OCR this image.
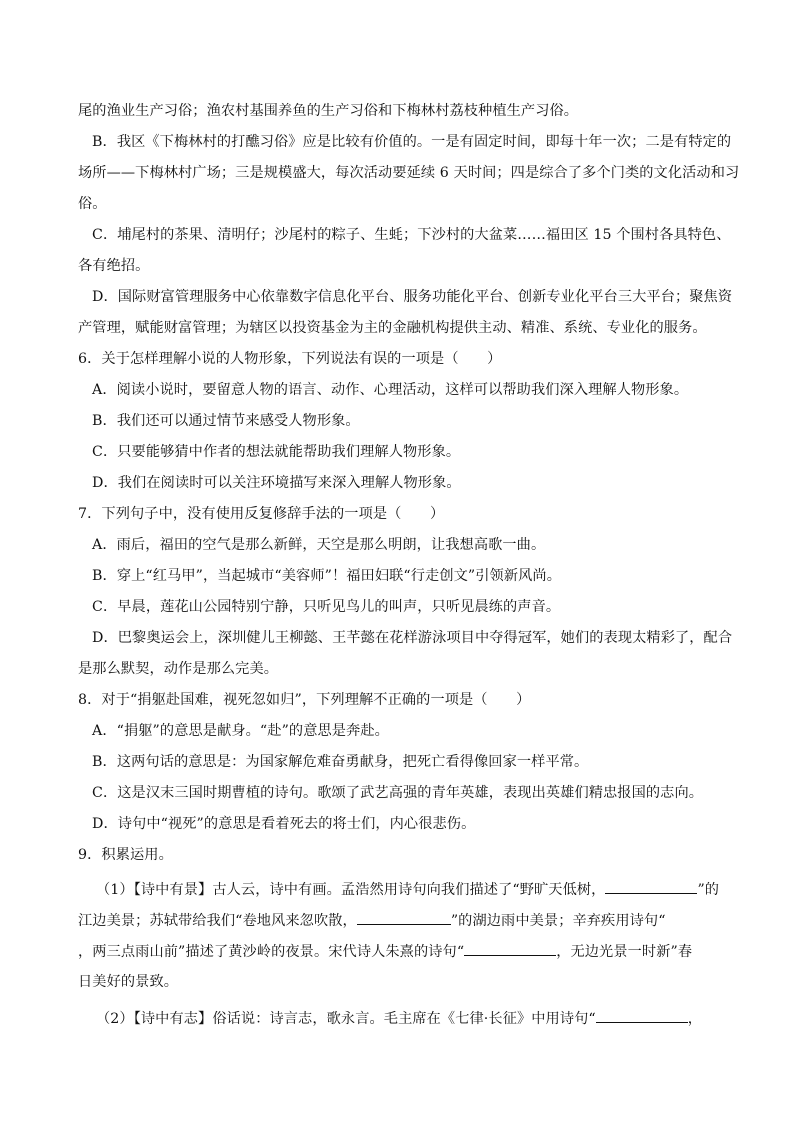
尾的渔业生产习俗；渔农村基围养鱼的生产习俗和下梅林村荔枝种植生产习俗。
B．我区《下梅林村的打醮习俗》应是比较有价值的。一是有固定时间，即每十年一次；二是有特定的
场所——下梅林村广场；三是规模盛大，每次活动要延续 6 天时间；四是综合了多个门类的文化活动和习
俗。
C．埔尾村的茶果、清明仔；沙尾村的粽子、生蚝；下沙村的大盆菜……福田区 15 个围村各具特色、
各有绝招。
D．国际财富管理服务中心依靠数字信息化平台、服务功能化平台、创新专业化平台三大平台；聚焦资
产管理，赋能财富管理；为辖区以投资基金为主的金融机构提供主动、精准、系统、专业化的服务。
6．关于怎样理解小说的人物形象，下列说法有误的一项是（　　）
A．阅读小说时，要留意人物的语言、动作、心理活动，这样可以帮助我们深入理解人物形象。
B．我们还可以通过情节来感受人物形象。
C．只要能够猜中作者的想法就能帮助我们理解人物形象。
D．我们在阅读时可以关注环境描写来深入理解人物形象。
7．下列句子中，没有使用反复修辞手法的一项是（　　）
A．雨后，福田的空气是那么新鲜，天空是那么明朗，让我想高歌一曲。
B．穿上“红马甲”，当起城市“美容师”！福田妇联“行走创文”引领新风尚。
C．早晨，莲花山公园特别宁静，只听见鸟儿的叫声，只听见晨练的声音。
D．巴黎奥运会上，深圳健儿王柳懿、王芊懿在花样游泳项目中夺得冠军，她们的表现太精彩了，配合
是那么默契，动作是那么完美。
8．对于“捐躯赴国难，视死忽如归”，下列理解不正确的一项是（　　）
A．“捐躯”的意思是献身。“赴”的意思是奔赴。
B．这两句话的意思是：为国家解危难奋勇献身，把死亡看得像回家一样平常。
C．这是汉末三国时期曹植的诗句。歌颂了武艺高强的青年英雄，表现出英雄们精忠报国的志向。
D．诗句中“视死”的意思是看着死去的将士们，内心很悲伤。
9．积累运用。
（1）【诗中有景】古人云，诗中有画。孟浩然用诗句向我们描述了“野旷天低树，	”的
江边美景；苏轼带给我们“卷地风来忽吹散，	”的湖边雨中美景；辛弃疾用诗句“
，两三点雨山前”描述了黄沙岭的夜景。宋代诗人朱熹的诗句“	，无边光景一时新”春
日美好的景致。
（2）【诗中有志】俗话说：诗言志，歌永言。毛主席在《七律·长征》中用诗句“	，
